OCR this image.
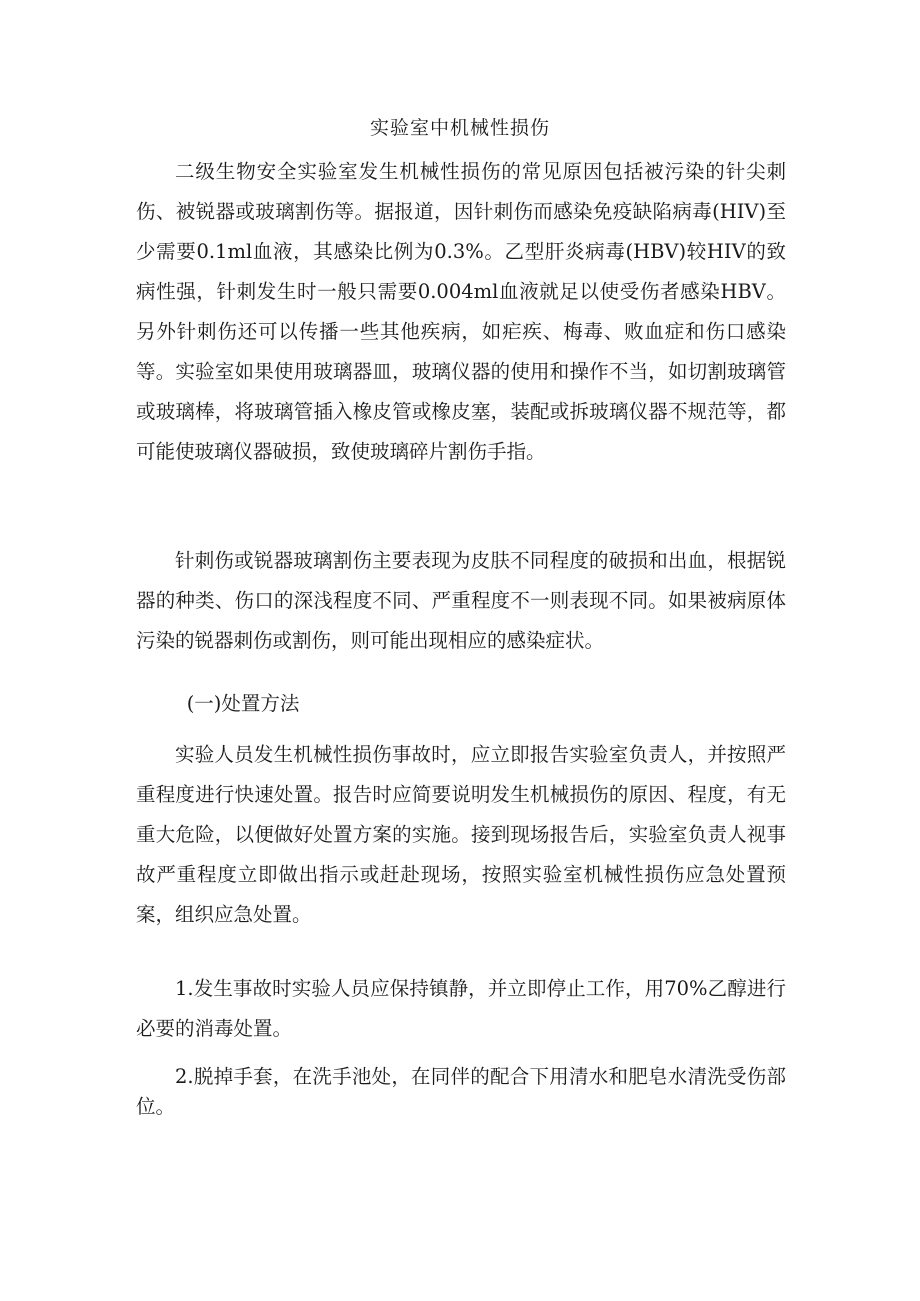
实验室中机械性损伤

二级生物安全实验室发生机械性损伤的常见原因包括被污染的针尖刺伤、被锐器或玻璃割伤等。据报道，因针刺伤而感染免疫缺陷病毒(HIV)至少需要0.1ml血液，其感染比例为0.3%。乙型肝炎病毒(HBV)较HIV的致病性强，针刺发生时一般只需要0.004ml血液就足以使受伤者感染HBV。另外针刺伤还可以传播一些其他疾病，如疟疾、梅毒、败血症和伤口感染等。实验室如果使用玻璃器皿，玻璃仪器的使用和操作不当，如切割玻璃管或玻璃棒，将玻璃管插入橡皮管或橡皮塞，装配或拆玻璃仪器不规范等，都可能使玻璃仪器破损，致使玻璃碎片割伤手指。

针刺伤或锐器玻璃割伤主要表现为皮肤不同程度的破损和出血，根据锐器的种类、伤口的深浅程度不同、严重程度不一则表现不同。如果被病原体污染的锐器刺伤或割伤，则可能出现相应的感染症状。

(一)处置方法

实验人员发生机械性损伤事故时，应立即报告实验室负责人，并按照严重程度进行快速处置。报告时应简要说明发生机械损伤的原因、程度，有无重大危险，以便做好处置方案的实施。接到现场报告后，实验室负责人视事故严重程度立即做出指示或赶赴现场，按照实验室机械性损伤应急处置预案，组织应急处置。

1.发生事故时实验人员应保持镇静，并立即停止工作，用70%乙醇进行必要的消毒处置。

2.脱掉手套，在洗手池处，在同伴的配合下用清水和肥皂水清洗受伤部位。
